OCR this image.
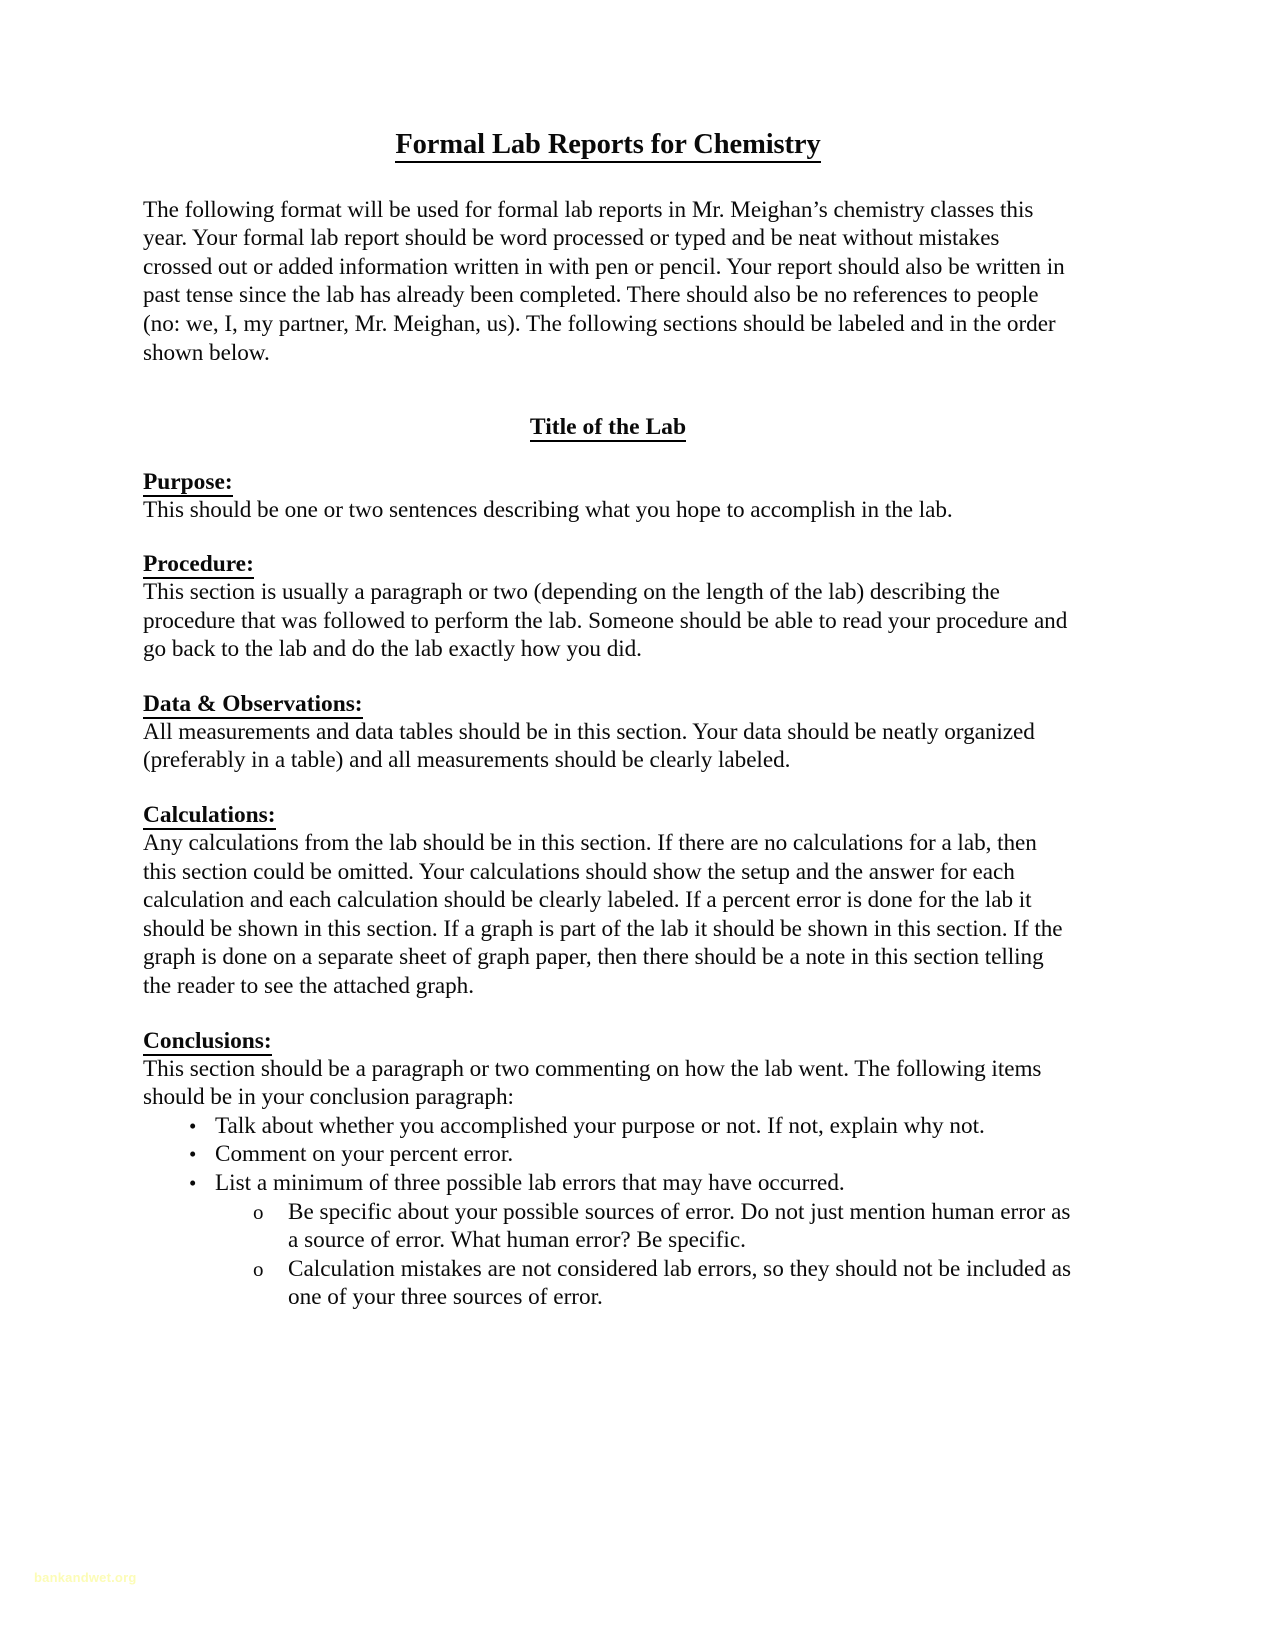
Formal Lab Reports for Chemistry

The following format will be used for formal lab reports in Mr. Meighan’s chemistry classes this year. Your formal lab report should be word processed or typed and be neat without mistakes crossed out or added information written in with pen or pencil. Your report should also be written in past tense since the lab has already been completed. There should also be no references to people (no: we, I, my partner, Mr. Meighan, us). The following sections should be labeled and in the order shown below.

Title of the Lab
Purpose:

This should be one or two sentences describing what you hope to accomplish in the lab.

Procedure:

This section is usually a paragraph or two (depending on the length of the lab) describing the procedure that was followed to perform the lab. Someone should be able to read your procedure and go back to the lab and do the lab exactly how you did.

Data & Observations:

All measurements and data tables should be in this section. Your data should be neatly organized (preferably in a table) and all measurements should be clearly labeled.

Calculations:

Any calculations from the lab should be in this section. If there are no calculations for a lab, then this section could be omitted. Your calculations should show the setup and the answer for each calculation and each calculation should be clearly labeled. If a percent error is done for the lab it should be shown in this section. If a graph is part of the lab it should be shown in this section. If the graph is done on a separate sheet of graph paper, then there should be a note in this section telling the reader to see the attached graph.

Conclusions:

This section should be a paragraph or two commenting on how the lab went. The following items should be in your conclusion paragraph:

• Talk about whether you accomplished your purpose or not. If not, explain why not.
• Comment on your percent error.
• List a minimum of three possible lab errors that may have occurred.
o Be specific about your possible sources of error. Do not just mention human error as a source of error. What human error? Be specific.
o Calculation mistakes are not considered lab errors, so they should not be included as one of your three sources of error.
bankandwet.org
